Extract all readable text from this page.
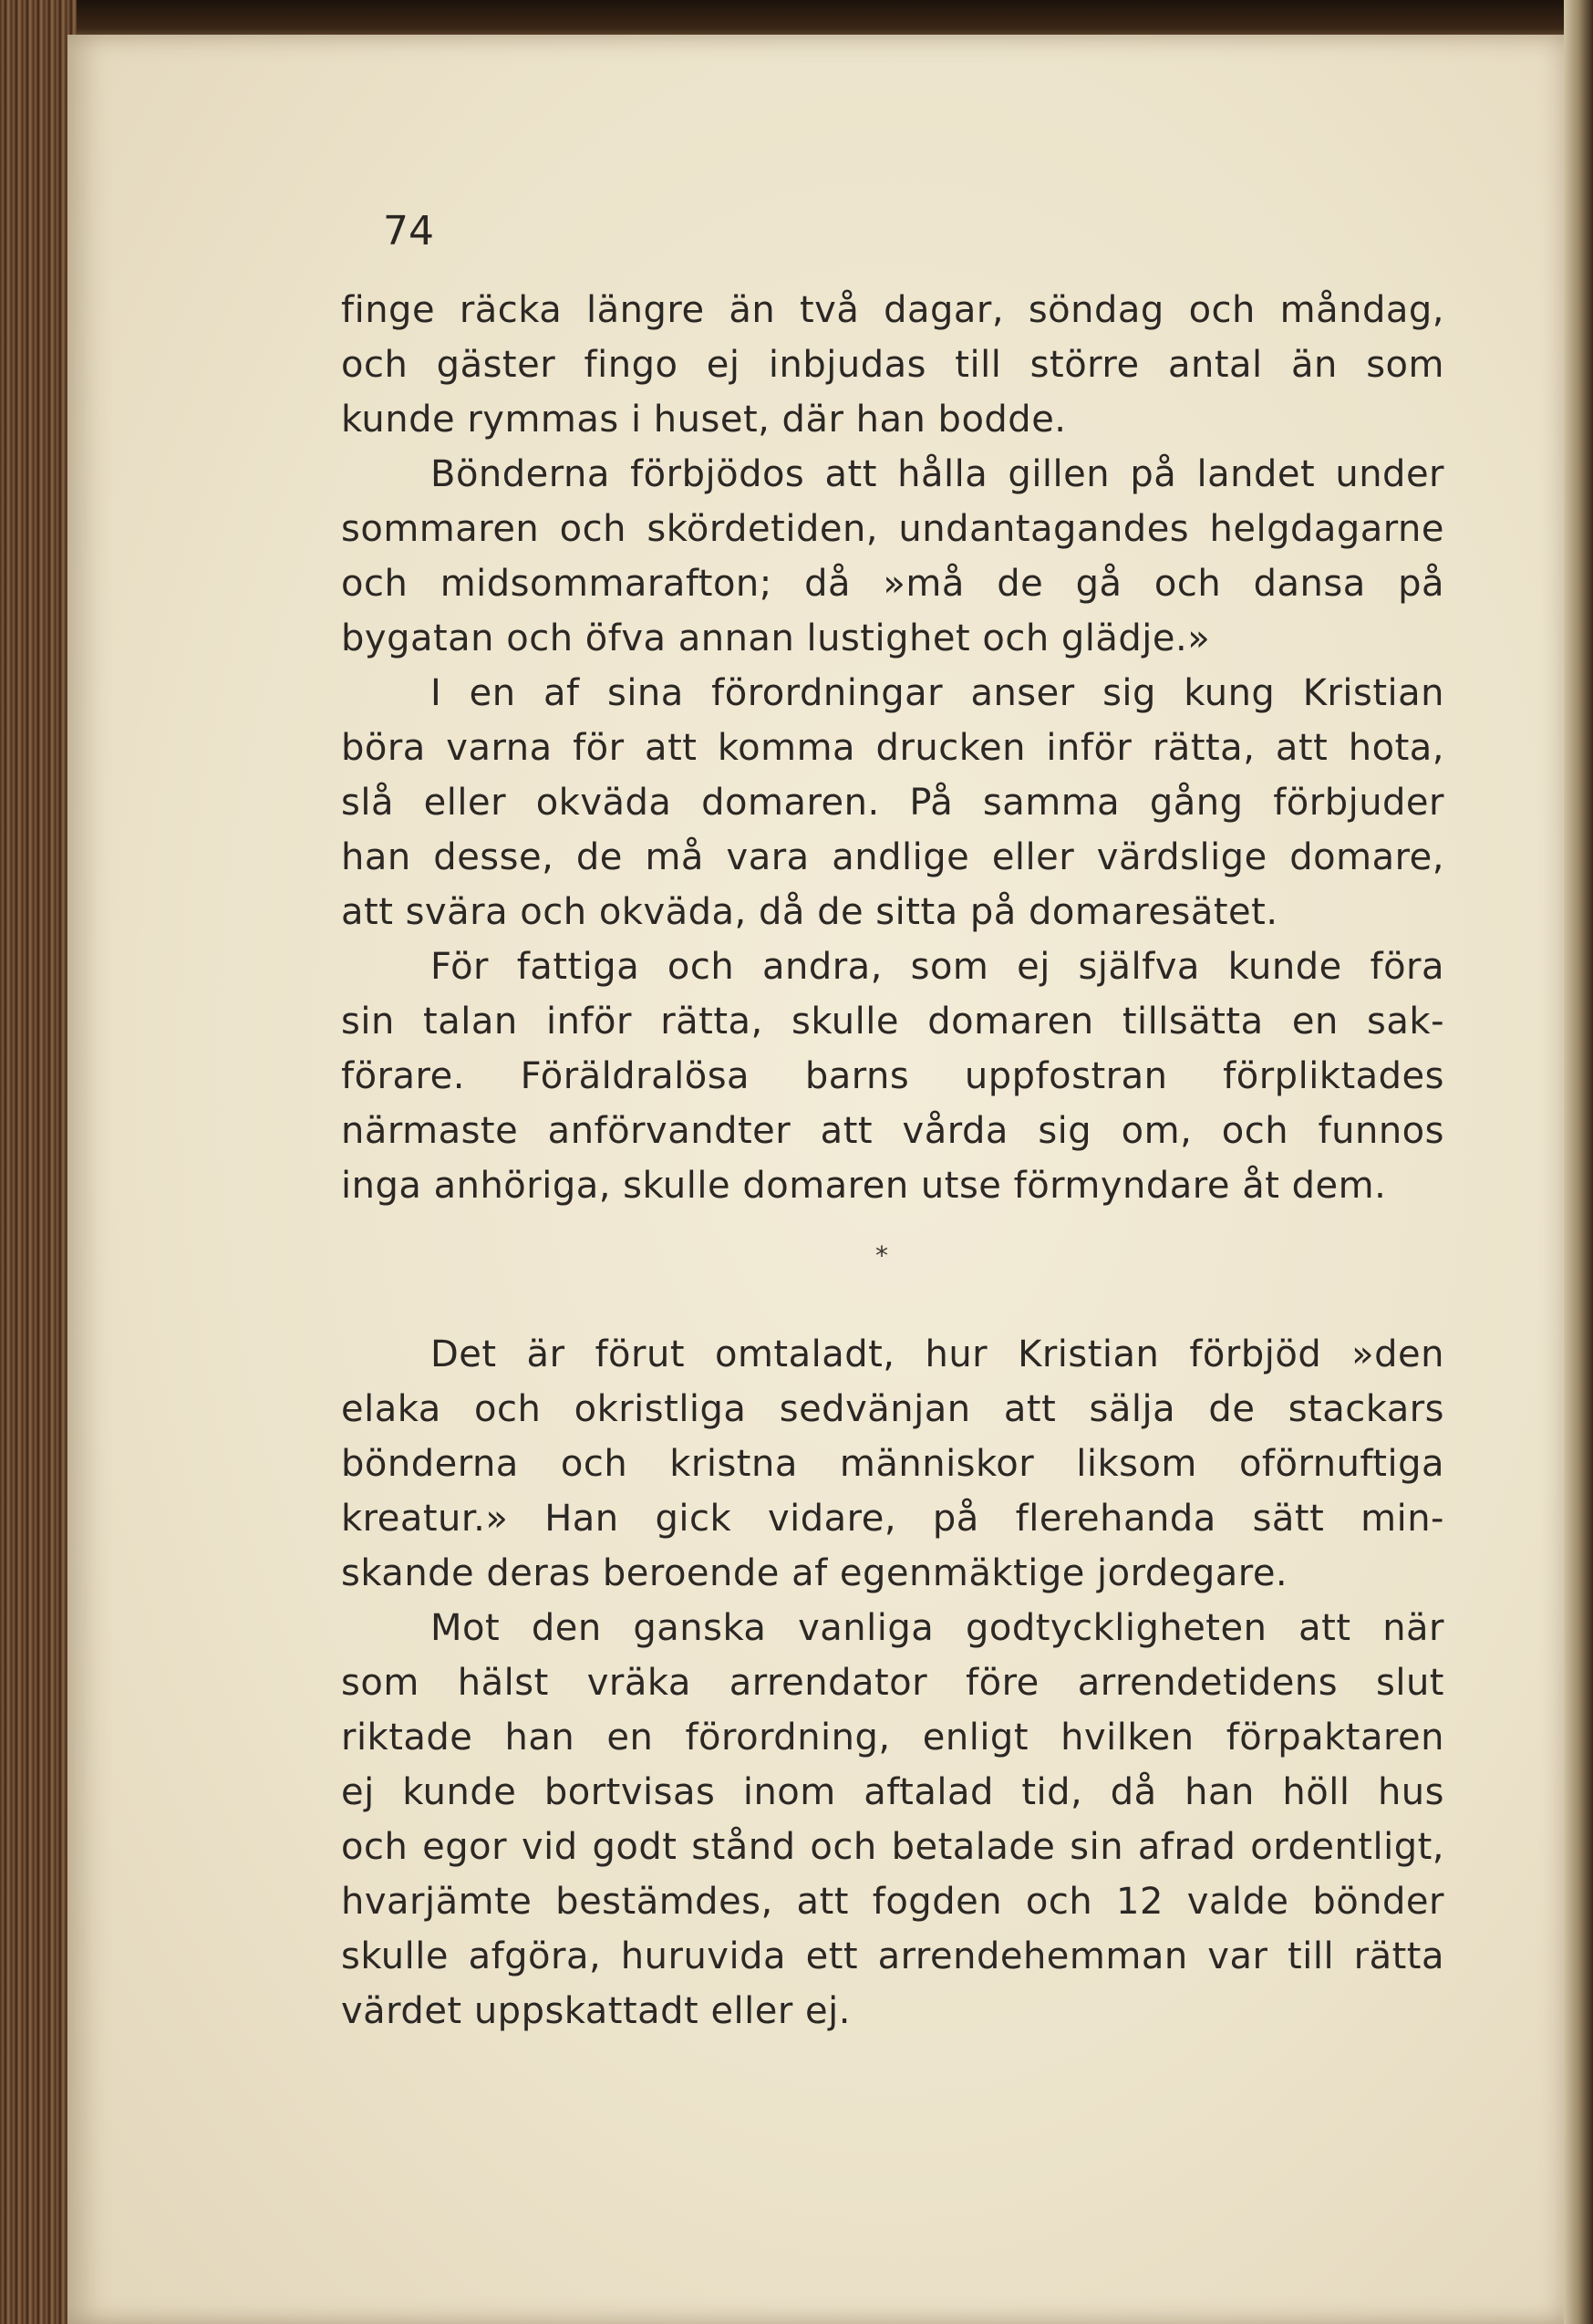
74
finge räcka längre än två dagar, söndag och måndag,
och gäster fingo ej inbjudas till större antal än som
kunde rymmas i huset, där han bodde.
Bönderna förbjödos att hålla gillen på landet under
sommaren och skördetiden, undantagandes helgdagarne
och midsommarafton; då »må de gå och dansa på
bygatan och öfva annan lustighet och glädje.»
I en af sina förordningar anser sig kung Kristian
böra varna för att komma drucken inför rätta, att hota,
slå eller okväda domaren. På samma gång förbjuder
han desse, de må vara andlige eller värdslige domare,
att svära och okväda, då de sitta på domaresätet.
För fattiga och andra, som ej själfva kunde föra
sin talan inför rätta, skulle domaren tillsätta en sak-
förare. Föräldralösa barns uppfostran förpliktades
närmaste anförvandter att vårda sig om, och funnos
inga anhöriga, skulle domaren utse förmyndare åt dem.
*
Det är förut omtaladt, hur Kristian förbjöd »den
elaka och okristliga sedvänjan att sälja de stackars
bönderna och kristna människor liksom oförnuftiga
kreatur.» Han gick vidare, på flerehanda sätt min-
skande deras beroende af egenmäktige jordegare.
Mot den ganska vanliga godtyckligheten att när
som hälst vräka arrendator före arrendetidens slut
riktade han en förordning, enligt hvilken förpaktaren
ej kunde bortvisas inom aftalad tid, då han höll hus
och egor vid godt stånd och betalade sin afrad ordentligt,
hvarjämte bestämdes, att fogden och 12 valde bönder
skulle afgöra, huruvida ett arrendehemman var till rätta
värdet uppskattadt eller ej.
